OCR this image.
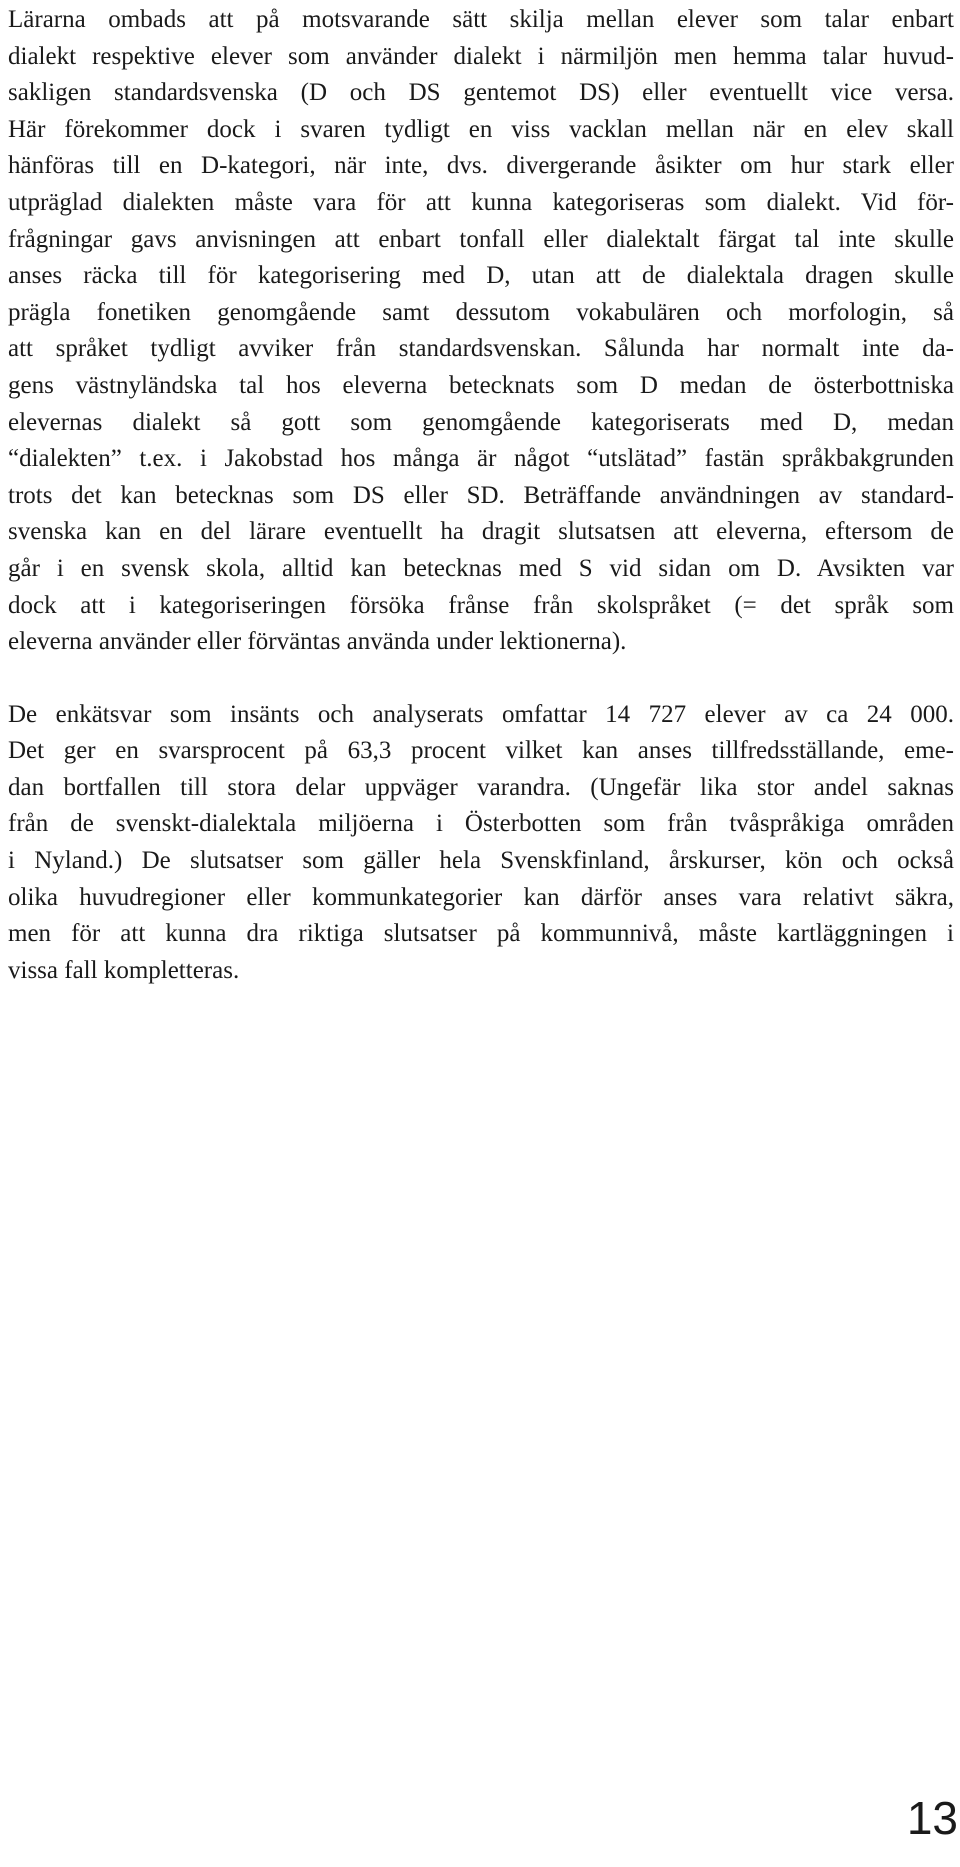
Lärarna ombads att på motsvarande sätt skilja mellan elever som talar enbart
dialekt respektive elever som använder dialekt i närmiljön men hemma talar huvud-
sakligen standardsvenska (D och DS gentemot DS) eller eventuellt vice versa.
Här förekommer dock i svaren tydligt en viss vacklan mellan när en elev skall
hänföras till en D-kategori, när inte, dvs. divergerande åsikter om hur stark eller
utpräglad dialekten måste vara för att kunna kategoriseras som dialekt. Vid för-
frågningar gavs anvisningen att enbart tonfall eller dialektalt färgat tal inte skulle
anses räcka till för kategorisering med D, utan att de dialektala dragen skulle
prägla fonetiken genomgående samt dessutom vokabulären och morfologin, så
att språket tydligt avviker från standardsvenskan. Sålunda har normalt inte da-
gens västnyländska tal hos eleverna betecknats som D medan de österbottniska
elevernas dialekt så gott som genomgående kategoriserats med D, medan
“dialekten” t.ex. i Jakobstad hos många är något “utslätad” fastän språkbakgrunden
trots det kan betecknas som DS eller SD. Beträffande användningen av standard-
svenska kan en del lärare eventuellt ha dragit slutsatsen att eleverna, eftersom de
går i en svensk skola, alltid kan betecknas med S vid sidan om D. Avsikten var
dock att i kategoriseringen försöka frånse från skolspråket (= det språk som
eleverna använder eller förväntas använda under lektionerna).

De enkätsvar som insänts och analyserats omfattar 14 727 elever av ca 24 000.
Det ger en svarsprocent på 63,3 procent vilket kan anses tillfredsställande, eme-
dan bortfallen till stora delar uppväger varandra. (Ungefär lika stor andel saknas
från de svenskt-dialektala miljöerna i Österbotten som från tvåspråkiga områden
i Nyland.) De slutsatser som gäller hela Svenskfinland, årskurser, kön och också
olika huvudregioner eller kommunkategorier kan därför anses vara relativt säkra,
men för att kunna dra riktiga slutsatser på kommunnivå, måste kartläggningen i
vissa fall kompletteras.

13
